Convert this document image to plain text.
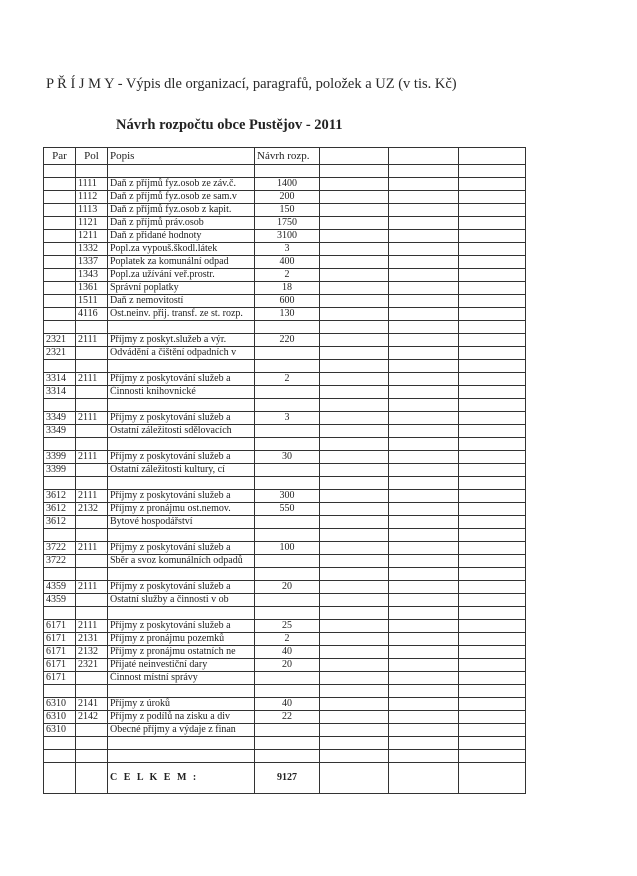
P Ř Í J M Y - Výpis dle organizací, paragrafů, položek a UZ (v tis. Kč)
Návrh rozpočtu obce Pustějov - 2011
Par	Pol	Popis	Návrh rozp.			

	1111	Daň z příjmů fyz.osob ze záv.č.	1400			
	1112	Daň z příjmů fyz.osob ze sam.v	200			
	1113	Daň z příjmů fyz.osob z kapit.	150			
	1121	Daň z příjmů práv.osob	1750			
	1211	Daň z přidané hodnoty	3100			
	1332	Popl.za vypouš.škodl.látek	3			
	1337	Poplatek za komunální odpad	400			
	1343	Popl.za užívání veř.prostr.	2			
	1361	Správní poplatky	18			
	1511	Daň z nemovitostí	600			
	4116	Ost.neinv. přij. transf. ze st. rozp.	130			

2321	2111	Příjmy z poskyt.služeb a výr.	220			
2321		Odvádění a čištění odpadních v				

3314	2111	Příjmy z poskytování služeb a	2			
3314		Činnosti knihovnické				

3349	2111	Příjmy z poskytování služeb a	3			
3349		Ostatní záležitosti sdělovacích				

3399	2111	Příjmy z poskytování služeb a	30			
3399		Ostatní záležitosti kultury, cí				

3612	2111	Příjmy z poskytování služeb a	300			
3612	2132	Příjmy z pronájmu ost.nemov.	550			
3612		Bytové hospodářství				

3722	2111	Příjmy z poskytování služeb a	100			
3722		Sběr a svoz komunálních odpadů				

4359	2111	Příjmy z poskytování služeb a	20			
4359		Ostatní služby a činnosti v ob				

6171	2111	Příjmy z poskytování služeb a	25			
6171	2131	Příjmy z pronájmu pozemků	2			
6171	2132	Příjmy z pronájmu ostatních ne	40			
6171	2321	Přijaté neinvestiční dary	20			
6171		Činnost místní správy				

6310	2141	Příjmy z úroků	40			
6310	2142	Příjmy z podílů na zisku a div	22			
6310		Obecné příjmy a výdaje z finan				

		C E L K E M :	9127			
